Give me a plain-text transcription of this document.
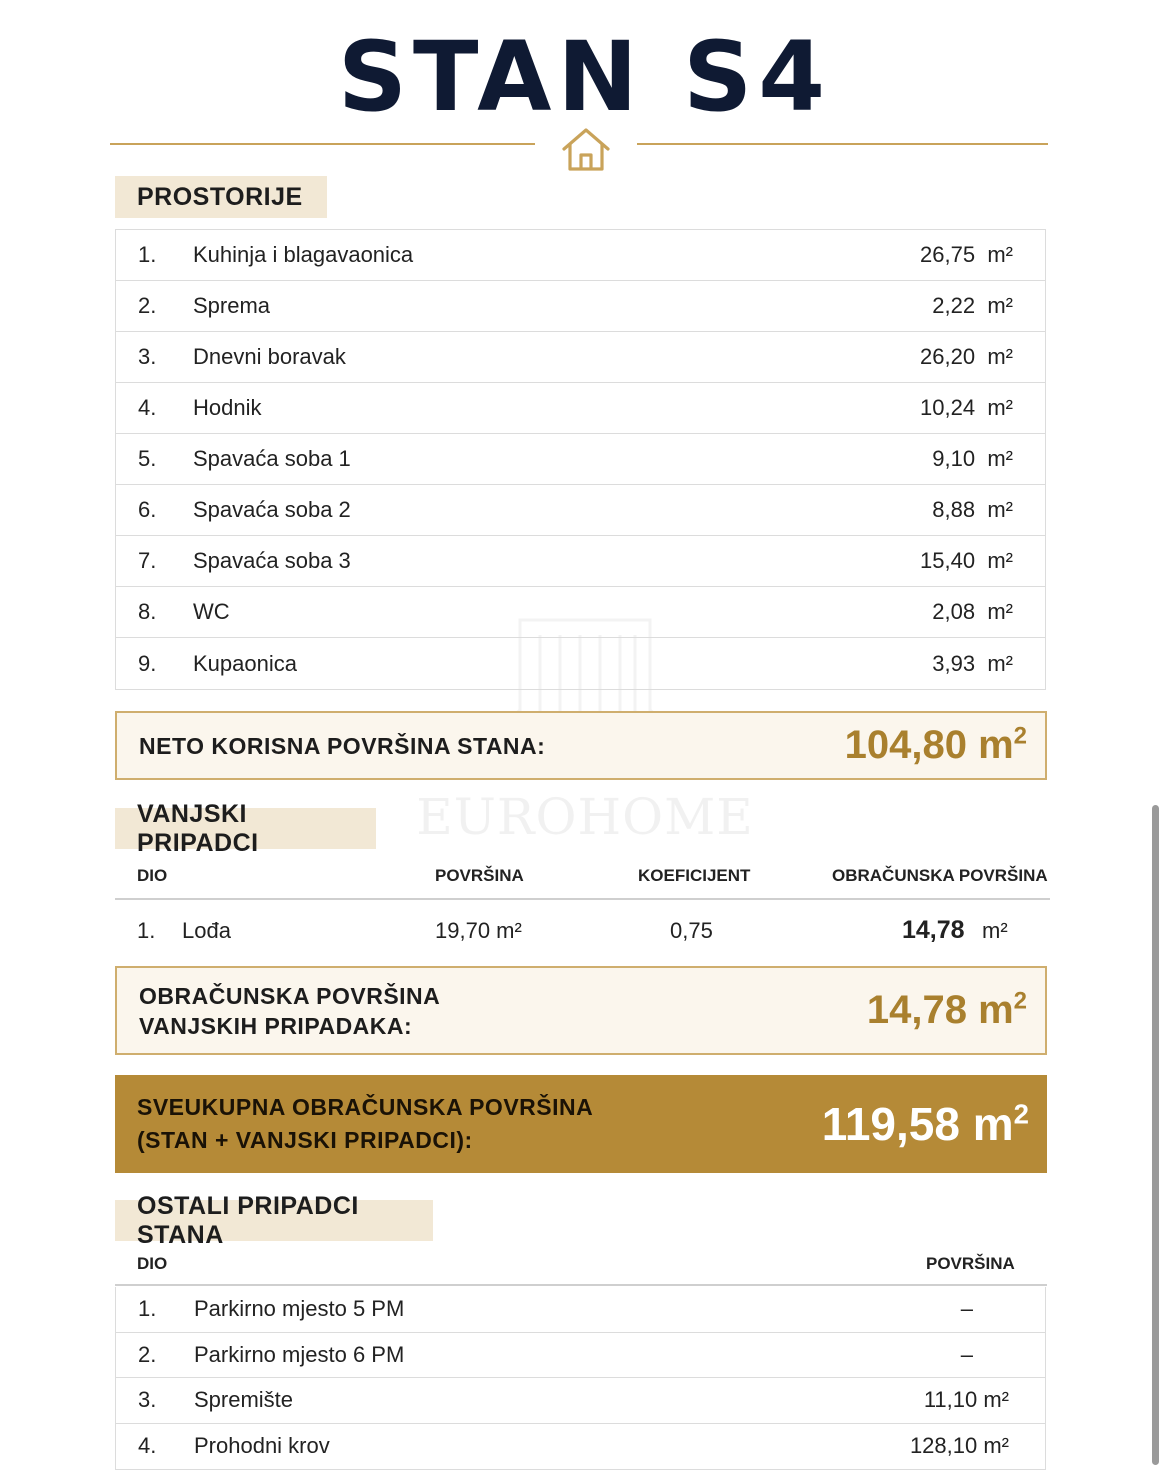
STAN S4
EUROHOME
PROSTORIJE
1.	Kuhinja i blagavaonica	26,75 m²
2.	Sprema	2,22 m²
3.	Dnevni boravak	26,20 m²
4.	Hodnik	10,24 m²
5.	Spavaća soba 1	9,10 m²
6.	Spavaća soba 2	8,88 m²
7.	Spavaća soba 3	15,40 m²
8.	WC	2,08 m²
9.	Kupaonica	3,93 m²
NETO KORISNA POVRŠINA STANA:	104,80 $m^2$
VANJSKI PRIPADCI
DIO	POVRŠINA	KOEFICIJENT	OBRAČUNSKA POVRŠINA
1. Lođa	19,70 m²	0,75	14,78 m²
OBRAČUNSKA POVRŠINA
VANJSKIH PRIPADAKA:	14,78 $m^2$
SVEUKUPNA OBRAČUNSKA POVRŠINA
(STAN + VANJSKI PRIPADCI):	119,58 $m^2$
OSTALI PRIPADCI STANA
DIO	POVRŠINA
1.	Parkirno mjesto 5 PM	–
2.	Parkirno mjesto 6 PM	–
3.	Spremište	11,10 m²
4.	Prohodni krov	128,10 m²
